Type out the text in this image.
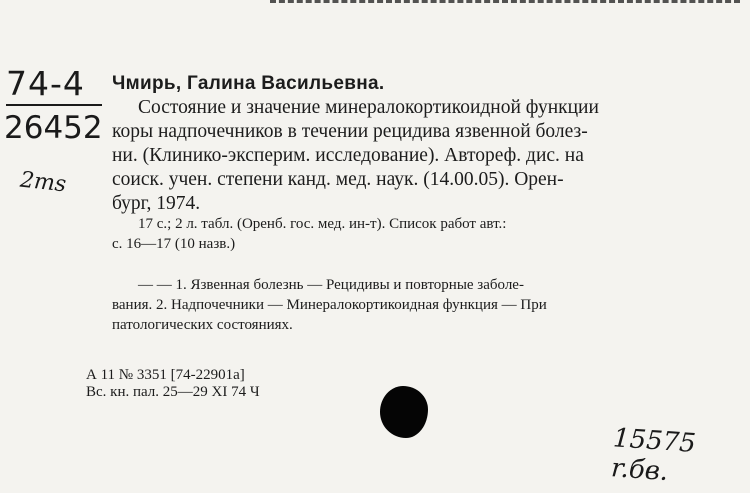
74-4
26452
2ms
Чмирь, Галина Васильевна.
Состояние и значение минералокортикоидной функции
коры надпочечников в течении рецидива язвенной болез-
ни. (Клинико-эксперим. исследование). Автореф. дис. на
соиск. учен. степени канд. мед. наук. (14.00.05). Орен-
бург, 1974.
17 с.; 2 л. табл. (Оренб. гос. мед. ин-т). Список работ авт.:
с. 16—17 (10 назв.)
— — 1. Язвенная болезнь — Рецидивы и повторные заболе-
вания. 2. Надпочечники — Минералокортикоидная функция — При
патологических состояниях.
А 11 № 3351 [74-22901а]
Вс. кн. пал. 25—29 XI 74 Ч
15575 r.бв.
